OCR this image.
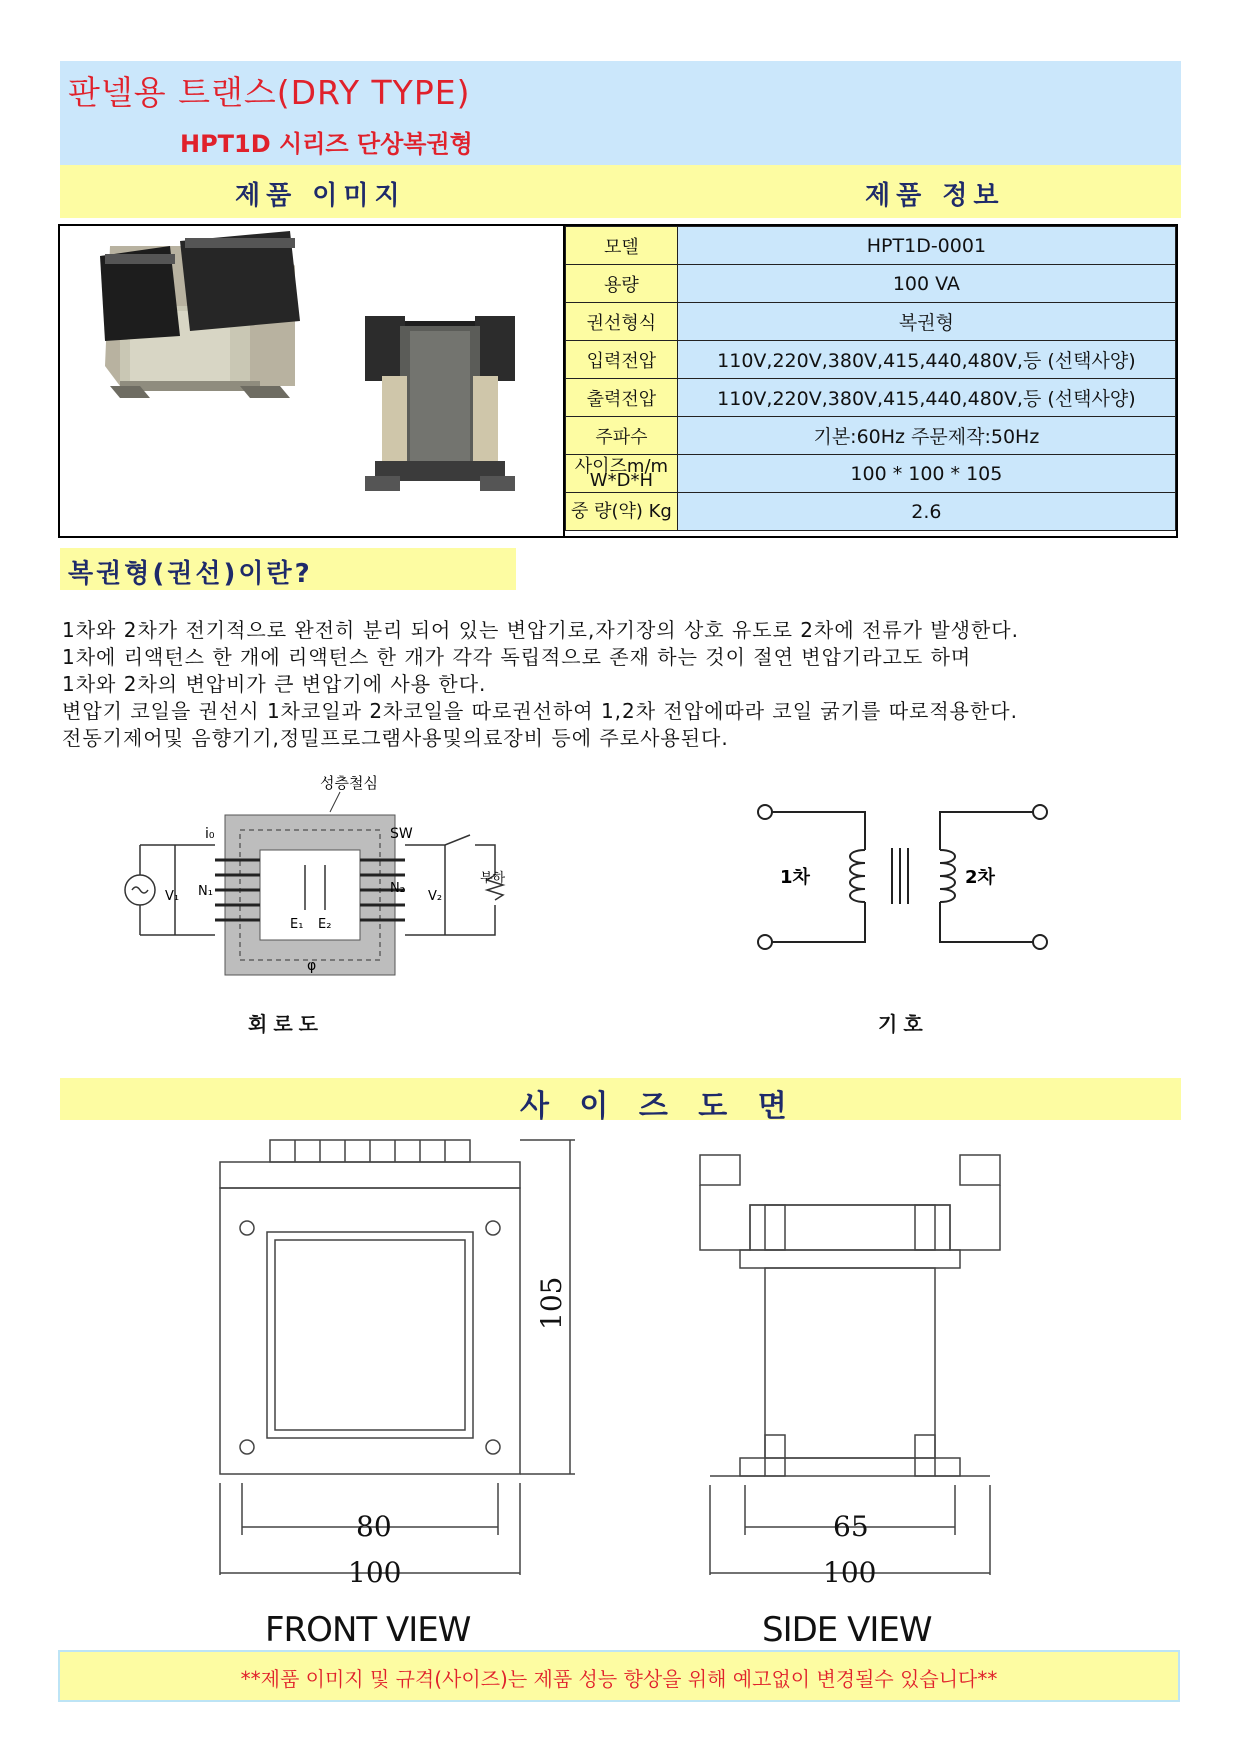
판넬용 트랜스(DRY TYPE)
HPT1D 시리즈 단상복권형
제품 이미지	제품 정보
모델	HPT1D-0001
용량	100 VA
권선형식	복권형
입력전압	110V,220V,380V,415,440,480V,등 (선택사양)
출력전압	110V,220V,380V,415,440,480V,등 (선택사양)
주파수	기본:60Hz 주문제작:50Hz
사이즈m/m W*D*H	100 * 100 * 105
중 량(약) Kg	2.6
복권형(권선)이란?
1차와 2차가 전기적으로 완전히 분리 되어 있는 변압기로,자기장의 상호 유도로 2차에 전류가 발생한다.
1차에 리액턴스 한 개에 리액턴스 한 개가 각각 독립적으로 존재 하는 것이 절연 변압기라고도 하며
1차와 2차의 변압비가 큰 변압기에 사용 한다.
변압기 코일을 권선시 1차코일과 2차코일을 따로권선하여 1,2차 전압에따라 코일 굵기를 따로적용한다.
전동기제어및 음향기기,정밀프로그램사용및의료장비 등에 주로사용된다.
성층철심
i₀	SW
N₁	N₂
V₁	V₂
E₁ E₂
φ
부하
회로도
1차	2차
기호
사 이 즈 도 면
80
100
105
FRONT VIEW
65
100
SIDE VIEW
**제품 이미지 및 규격(사이즈)는 제품 성능 향상을 위해 예고없이 변경될수 있습니다**
